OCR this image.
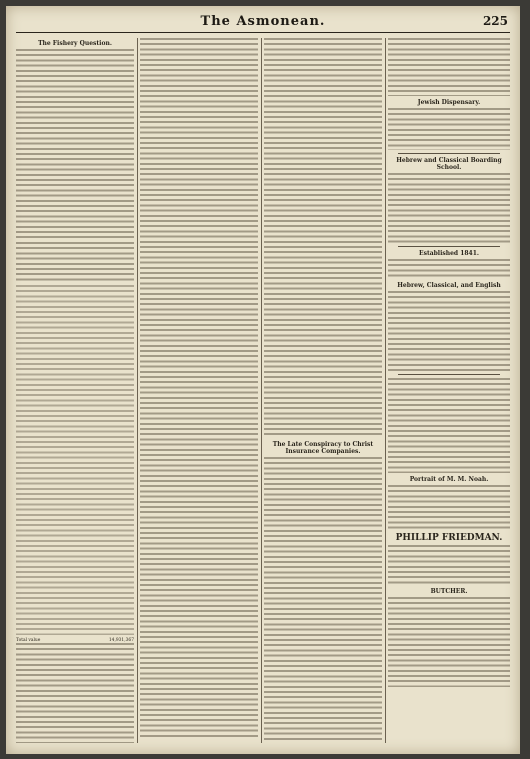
The Asmonean.	225
The Fishery Question.
Total value	14,931,367
The Late Conspiracy to Christ Insurance Companies.
Jewish Dispensary.
Hebrew and Classical Boarding School.
Established 1841.
Hebrew, Classical, and English
Portrait of M. M. Noah.
PHILLIP FRIEDMAN.
BUTCHER.
